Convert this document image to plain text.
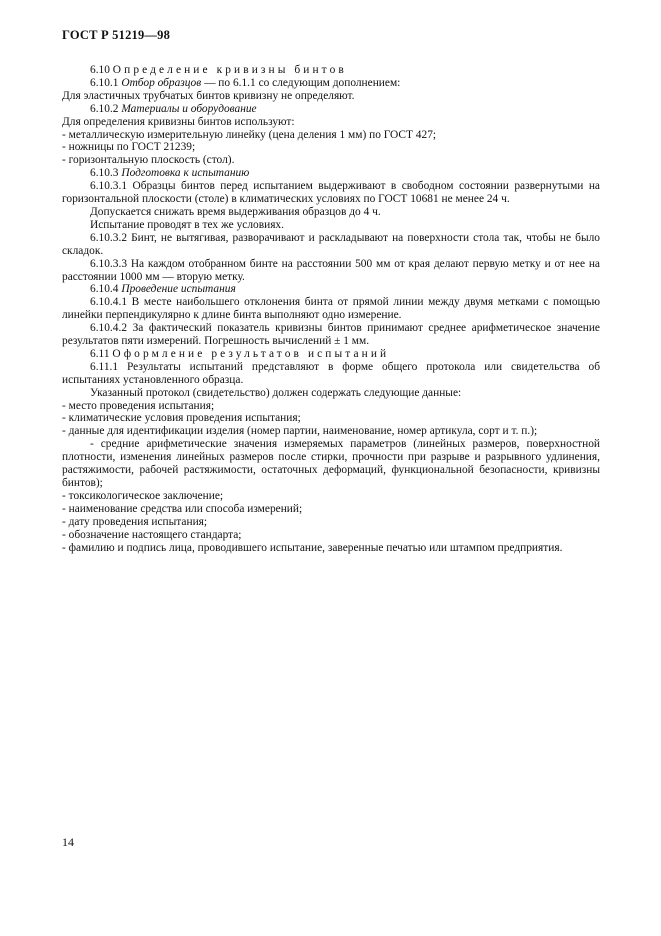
ГОСТ Р 51219—98

6.10 Определение кривизны бинтов

6.10.1 Отбор образцов — по 6.1.1 со следующим дополнением:

Для эластичных трубчатых бинтов кривизну не определяют.

6.10.2 Материалы и оборудование

Для определения кривизны бинтов используют:

- металлическую измерительную линейку (цена деления 1 мм) по ГОСТ 427;

- ножницы по ГОСТ 21239;

- горизонтальную плоскость (стол).

6.10.3 Подготовка к испытанию

6.10.3.1 Образцы бинтов перед испытанием выдерживают в свободном состоянии развернутыми на горизонтальной плоскости (столе) в климатических условиях по ГОСТ 10681 не менее 24 ч.

Допускается снижать время выдерживания образцов до 4 ч.

Испытание проводят в тех же условиях.

6.10.3.2 Бинт, не вытягивая, разворачивают и раскладывают на поверхности стола так, чтобы не было складок.

6.10.3.3 На каждом отобранном бинте на расстоянии 500 мм от края делают первую метку и от нее на расстоянии 1000 мм — вторую метку.

6.10.4 Проведение испытания

6.10.4.1 В месте наибольшего отклонения бинта от прямой линии между двумя метками с помощью линейки перпендикулярно к длине бинта выполняют одно измерение.

6.10.4.2 За фактический показатель кривизны бинтов принимают среднее арифметическое значение результатов пяти измерений. Погрешность вычислений ± 1 мм.

6.11 Оформление результатов испытаний

6.11.1 Результаты испытаний представляют в форме общего протокола или свидетельства об испытаниях установленного образца.

Указанный протокол (свидетельство) должен содержать следующие данные:

- место проведения испытания;

- климатические условия проведения испытания;

- данные для идентификации изделия (номер партии, наименование, номер артикула, сорт и т. п.);

- средние арифметические значения измеряемых параметров (линейных размеров, поверхностной плотности, изменения линейных размеров после стирки, прочности при разрыве и разрывного удлинения, растяжимости, рабочей растяжимости, остаточных деформаций, функциональной безопасности, кривизны бинтов);

- токсикологическое заключение;

- наименование средства или способа измерений;

- дату проведения испытания;

- обозначение настоящего стандарта;

- фамилию и подпись лица, проводившего испытание, заверенные печатью или штампом предприятия.

14
